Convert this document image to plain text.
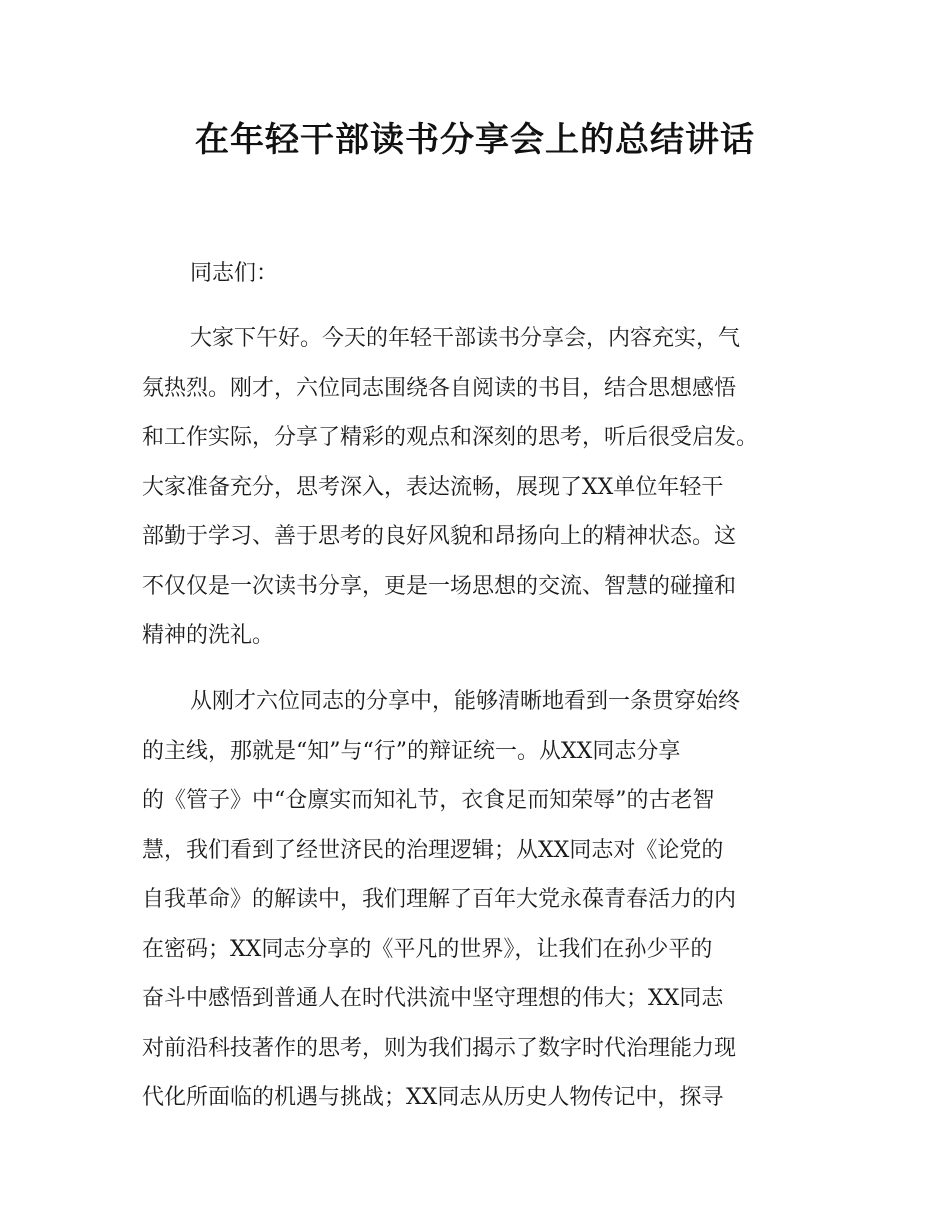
在年轻干部读书分享会上的总结讲话

同志们：

大家下午好。今天的年轻干部读书分享会，内容充实，气
氛热烈。刚才，六位同志围绕各自阅读的书目，结合思想感悟
和工作实际，分享了精彩的观点和深刻的思考，听后很受启发。
大家准备充分，思考深入，表达流畅，展现了XX单位年轻干
部勤于学习、善于思考的良好风貌和昂扬向上的精神状态。这
不仅仅是一次读书分享，更是一场思想的交流、智慧的碰撞和
精神的洗礼。
从刚才六位同志的分享中，能够清晰地看到一条贯穿始终
的主线，那就是“知”与“行”的辩证统一。从XX同志分享
的《管子》中“仓廪实而知礼节，衣食足而知荣辱”的古老智
慧，我们看到了经世济民的治理逻辑；从XX同志对《论党的
自我革命》的解读中，我们理解了百年大党永葆青春活力的内
在密码；XX同志分享的《平凡的世界》，让我们在孙少平的
奋斗中感悟到普通人在时代洪流中坚守理想的伟大；XX同志
对前沿科技著作的思考，则为我们揭示了数字时代治理能力现
代化所面临的机遇与挑战；XX同志从历史人物传记中，探寻
